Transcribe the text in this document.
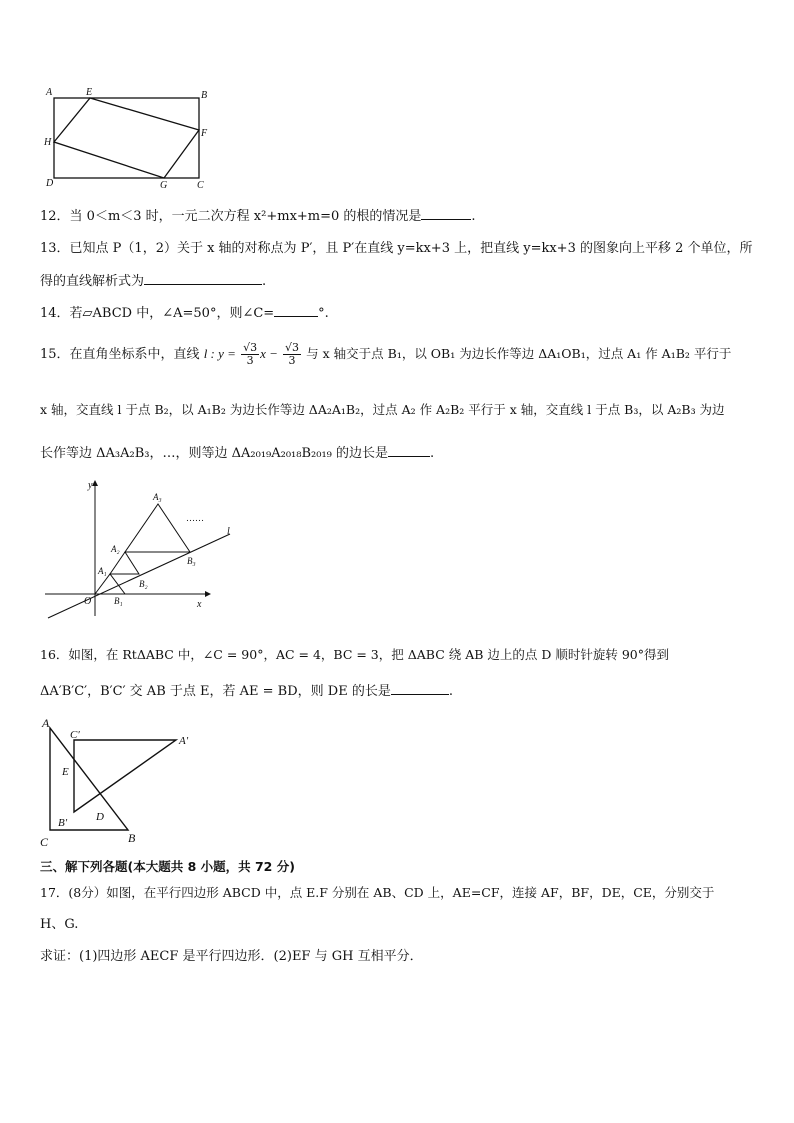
A	E	B
H
F
D	G	C
12．当 0＜m＜3 时，一元二次方程 x²+mx+m=0 的根的情况是	.
13．已知点 P（1，2）关于 x 轴的对称点为 P′，且 P′在直线 y=kx+3 上，把直线 y=kx+3 的图象向上平移 2 个单位，所
得的直线解析式为	.
14．若▱ABCD 中，∠A=50°，则∠C=	°.
15．在直角坐标系中，直线 l : $y = \frac{√3}{3}$ $x - \frac{√3}{3}$ 与 x 轴交于点 B₁，以 OB₁ 为边长作等边 ΔA₁OB₁，过点 A₁ 作 A₁B₂ 平行于
x 轴，交直线 l 于点 B₂，以 A₁B₂ 为边长作等边 ΔA₂A₁B₂，过点 A₂ 作 A₂B₂ 平行于 x 轴，交直线 l 于点 B₃，以 A₂B₃ 为边
长作等边 ΔA₃A₂B₃，…，则等边 ΔA₂₀₁₉A₂₀₁₈B₂₀₁₉ 的边长是	.
y
x
O
l
A₁
A₂
A₃
B₁
B₂
B₃
……
16．如图，在 RtΔABC 中，∠C = 90°，AC = 4，BC = 3，把 ΔABC 绕 AB 边上的点 D 顺时针旋转 90°得到
ΔA′B′C′，B′C′ 交 AB 于点 E，若 AE = BD，则 DE 的长是	.
A
C′	A′
E
D
B′
C	B
三、解下列各题(本大题共 8 小题，共 72 分)
17．(8分）如图，在平行四边形 ABCD 中，点 E.F 分别在 AB、CD 上，AE=CF，连接 AF，BF，DE，CE，分别交于
H、G.
求证：(1)四边形 AECF 是平行四边形．(2)EF 与 GH 互相平分．
